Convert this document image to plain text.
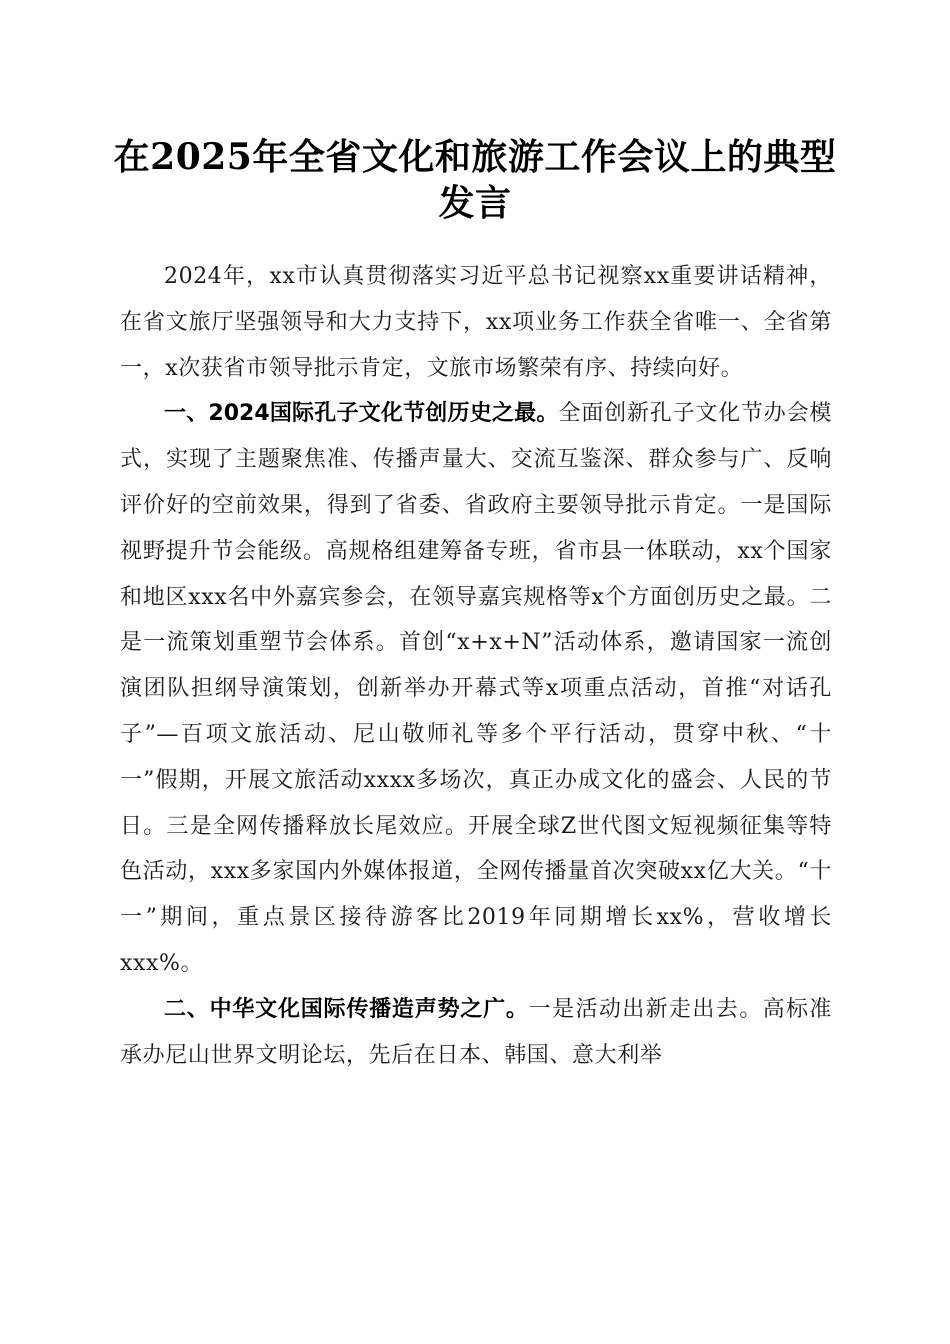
在2025年全省文化和旅游工作会议上的典型发言

2024年，xx市认真贯彻落实习近平总书记视察xx重要讲话精神，在省文旅厅坚强领导和大力支持下，xx项业务工作获全省唯一、全省第一，x次获省市领导批示肯定，文旅市场繁荣有序、持续向好。

一、2024国际孔子文化节创历史之最。全面创新孔子文化节办会模式，实现了主题聚焦准、传播声量大、交流互鉴深、群众参与广、反响评价好的空前效果，得到了省委、省政府主要领导批示肯定。一是国际视野提升节会能级。高规格组建筹备专班，省市县一体联动，xx个国家和地区xxx名中外嘉宾参会，在领导嘉宾规格等x个方面创历史之最。二是一流策划重塑节会体系。首创“x+x+N”活动体系，邀请国家一流创演团队担纲导演策划，创新举办开幕式等x项重点活动，首推“对话孔子”—百项文旅活动、尼山敬师礼等多个平行活动，贯穿中秋、“十一”假期，开展文旅活动xxxx多场次，真正办成文化的盛会、人民的节日。三是全网传播释放长尾效应。开展全球Z世代图文短视频征集等特色活动，xxx多家国内外媒体报道，全网传播量首次突破xx亿大关。“十一”期间，重点景区接待游客比2019年同期增长xx%，营收增长xxx%。

二、中华文化国际传播造声势之广。一是活动出新走出去。高标准承办尼山世界文明论坛，先后在日本、韩国、意大利举
